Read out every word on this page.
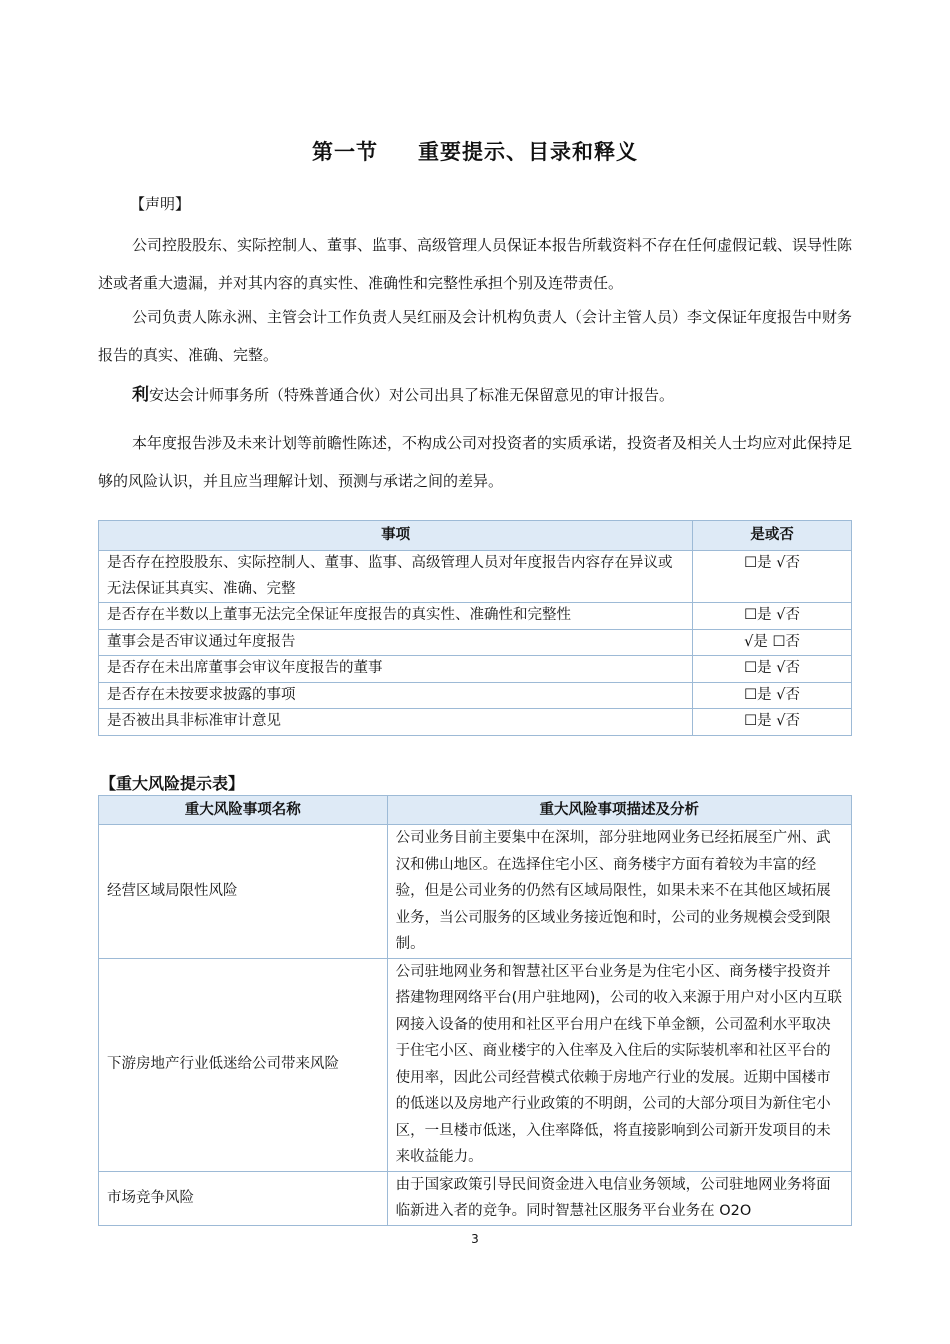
第一节 重要提示、目录和释义
【声明】
公司控股股东、实际控制人、董事、监事、高级管理人员保证本报告所载资料不存在任何虚假记载、误导性陈述或者重大遗漏，并对其内容的真实性、准确性和完整性承担个别及连带责任。
公司负责人陈永洲、主管会计工作负责人吴红丽及会计机构负责人（会计主管人员）李文保证年度报告中财务报告的真实、准确、完整。
利安达会计师事务所（特殊普通合伙）对公司出具了标准无保留意见的审计报告。
本年度报告涉及未来计划等前瞻性陈述，不构成公司对投资者的实质承诺，投资者及相关人士均应对此保持足够的风险认识，并且应当理解计划、预测与承诺之间的差异。
事项	是或否
是否存在控股股东、实际控制人、董事、监事、高级管理人员对年度报告内容存在异议或无法保证其真实、准确、完整	☐是 √否
是否存在半数以上董事无法完全保证年度报告的真实性、准确性和完整性	☐是 √否
董事会是否审议通过年度报告	√是 ☐否
是否存在未出席董事会审议年度报告的董事	☐是 √否
是否存在未按要求披露的事项	☐是 √否
是否被出具非标准审计意见	☐是 √否
【重大风险提示表】
重大风险事项名称	重大风险事项描述及分析
经营区域局限性风险	公司业务目前主要集中在深圳，部分驻地网业务已经拓展至广州、武汉和佛山地区。在选择住宅小区、商务楼宇方面有着较为丰富的经验，但是公司业务的仍然有区域局限性，如果未来不在其他区域拓展业务，当公司服务的区域业务接近饱和时，公司的业务规模会受到限制。
下游房地产行业低迷给公司带来风险	公司驻地网业务和智慧社区平台业务是为住宅小区、商务楼宇投资并搭建物理网络平台(用户驻地网)，公司的收入来源于用户对小区内互联网接入设备的使用和社区平台用户在线下单金额，公司盈利水平取决于住宅小区、商业楼宇的入住率及入住后的实际装机率和社区平台的使用率，因此公司经营模式依赖于房地产行业的发展。近期中国楼市的低迷以及房地产行业政策的不明朗，公司的大部分项目为新住宅小区，一旦楼市低迷，入住率降低，将直接影响到公司新开发项目的未来收益能力。
市场竞争风险	由于国家政策引导民间资金进入电信业务领域，公司驻地网业务将面临新进入者的竞争。同时智慧社区服务平台业务在 O2O
3
